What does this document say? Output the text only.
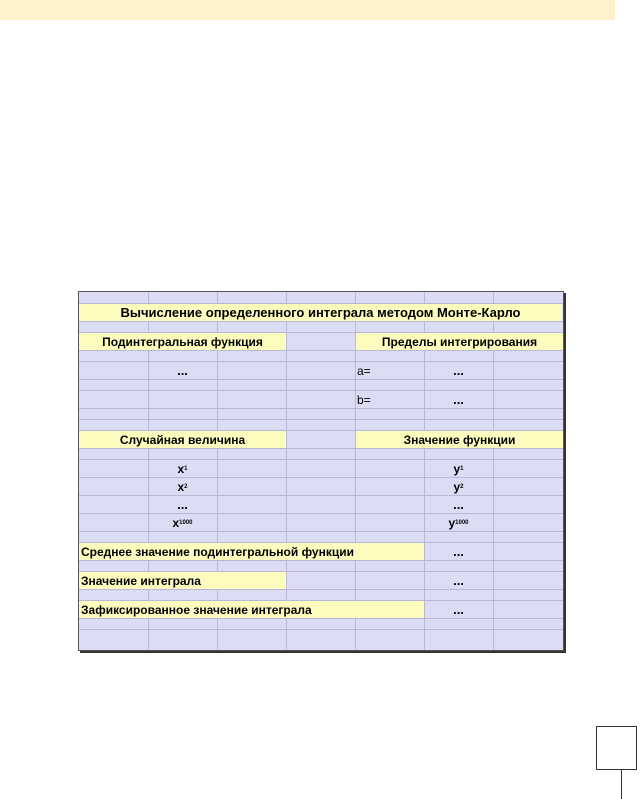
Вычисление определенного интеграла методом Монте-Карло
Подинтегральная функция	Пределы интегрирования
...	a=	...
b=	...
Случайная величина	Значение функции
x 1	y 1
x 2	y 2
...	...
x 1000	y 1000
Среднее значение подинтегральной функции	...
Значение интеграла	...
Зафиксированное значение интеграла	...
